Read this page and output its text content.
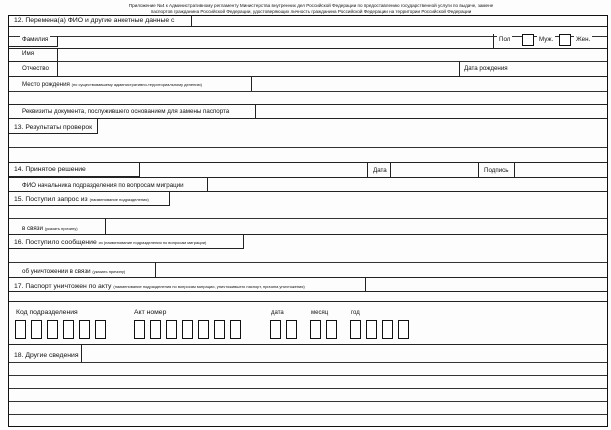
Приложение №4 к Административному регламенту Министерства внутренних дел Российской Федерации по предоставлению государственной услуги по выдаче, замене
паспортов гражданина Российской Федерации, удостоверяющих личность гражданина Российской Федерации на территории Российской Федерации
12. Перемена(а) ФИО и другие анкетные данные с
Фамилия
Имя
Отчество
Пол	Муж.	Жен.
Дата рождения
Место рождения (по существовавшему административно-территориальному делению)
Реквизиты документа, послужившего основанием для замены паспорта
13. Результаты проверок
14. Принятое решение	Дата	Подпись
ФИО начальника подразделения по вопросам миграции
15. Поступил запрос из (наименование подразделения)
в связи (указать причину)
16. Поступило сообщение из (наименование подразделения по вопросам миграции)
об уничтожении в связи (указать причину)
17. Паспорт уничтожен по акту (наименование подразделения по вопросам миграции, уничтожившего паспорт, причина уничтожения)
Код подразделения	Акт номер	дата	месяц	год
18. Другие сведения
